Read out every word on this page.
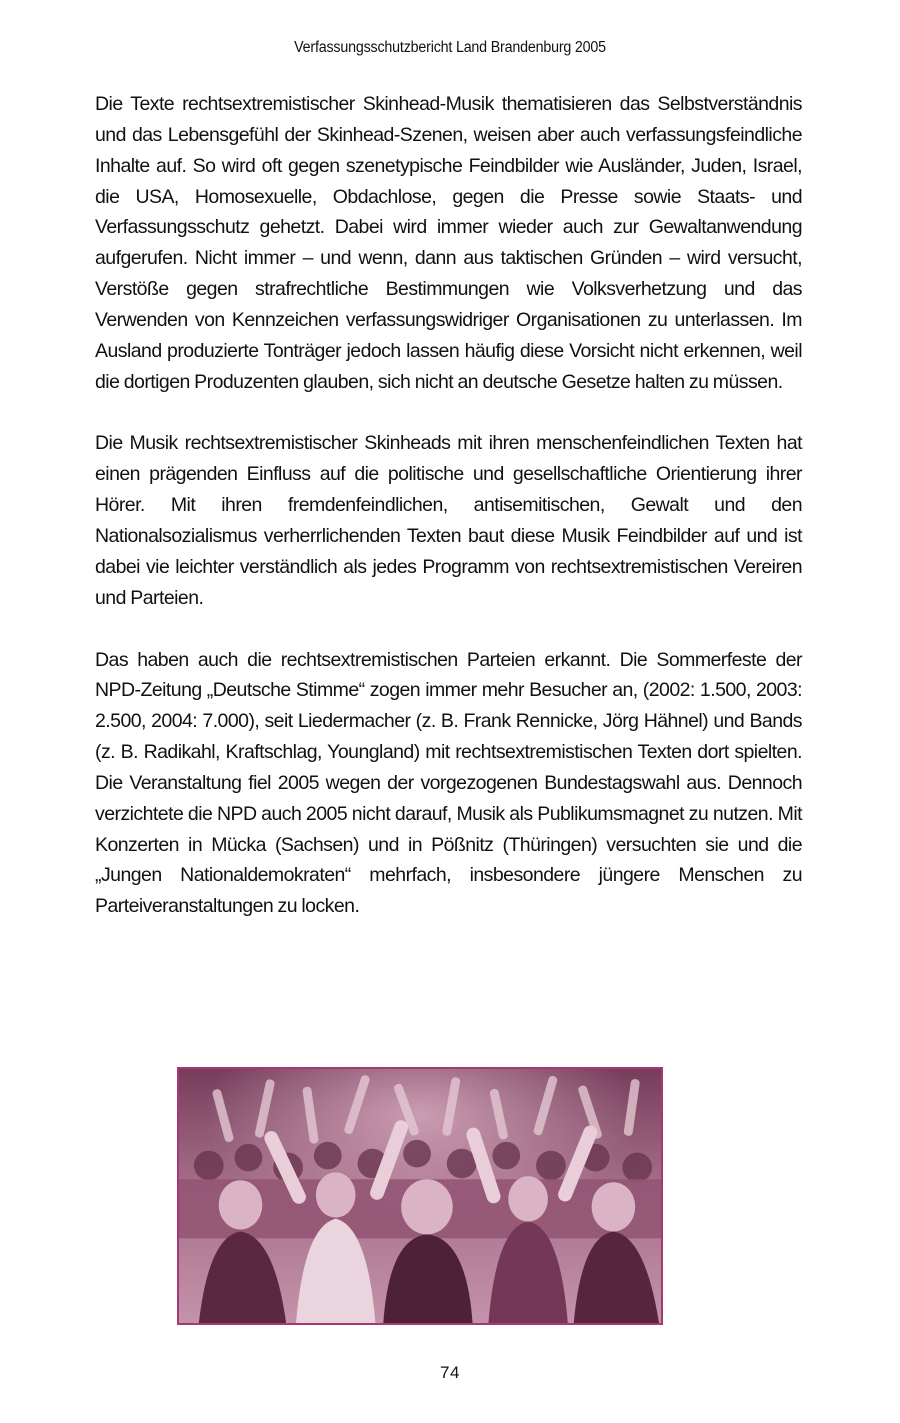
Verfassungsschutzbericht Land Brandenburg 2005

Die Texte rechtsextremistischer Skinhead-Musik thematisieren das Selbstverständnis und das Lebensgefühl der Skinhead-Szenen, weisen aber auch verfassungsfeindliche Inhalte auf. So wird oft gegen szenetypische Feindbilder wie Ausländer, Juden, Israel, die USA, Homosexuelle, Obdachlose, gegen die Presse sowie Staats- und Verfassungsschutz gehetzt. Dabei wird immer wieder auch zur Gewaltanwendung aufgerufen. Nicht immer – und wenn, dann aus taktischen Gründen – wird versucht, Verstöße gegen strafrechtliche Bestimmungen wie Volksverhetzung und das Verwenden von Kennzeichen verfassungswidriger Organisationen zu unterlassen. Im Ausland produzierte Tonträger jedoch lassen häufig diese Vorsicht nicht erkennen, weil die dortigen Produzenten glauben, sich nicht an deutsche Gesetze halten zu müssen.

Die Musik rechtsextremistischer Skinheads mit ihren menschenfeindlichen Texten hat einen prägenden Einfluss auf die politische und gesellschaftliche Orientierung ihrer Hörer. Mit ihren fremdenfeindlichen, antisemitischen, Gewalt und den Nationalsozialismus verherrlichenden Texten baut diese Musik Feindbilder auf und ist dabei vie leichter verständlich als jedes Programm von rechtsextremistischen Vereiren und Parteien.

Das haben auch die rechtsextremistischen Parteien erkannt. Die Sommerfeste der NPD-Zeitung „Deutsche Stimme“ zogen immer mehr Besucher an, (2002: 1.500, 2003: 2.500, 2004: 7.000), seit Liedermacher (z. B. Frank Rennicke, Jörg Hähnel) und Bands (z. B. Radikahl, Kraftschlag, Youngland) mit rechtsextremistischen Texten dort spielten. Die Veranstaltung fiel 2005 wegen der vorgezogenen Bundestagswahl aus. Dennoch verzichtete die NPD auch 2005 nicht darauf, Musik als Publikumsmagnet zu nutzen. Mit Konzerten in Mücka (Sachsen) und in Pößnitz (Thüringen) versuchten sie und die „Jungen Nationaldemokraten“ mehrfach, insbesondere jüngere Menschen zu Parteiveranstaltungen zu locken.

74
